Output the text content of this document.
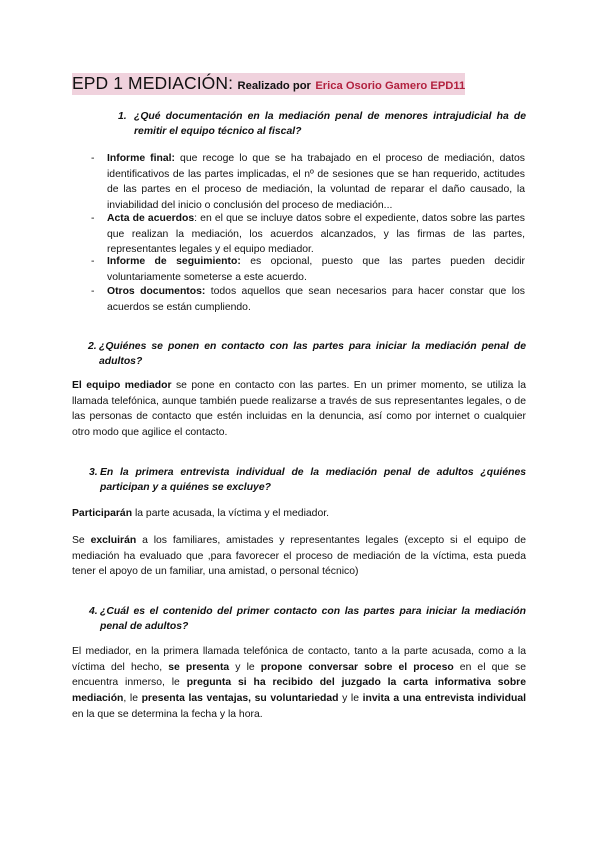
EPD 1 MEDIACIÓN: Realizado por Erica Osorio Gamero EPD11
1. ¿Qué documentación en la mediación penal de menores intrajudicial ha de remitir el equipo técnico al fiscal?
- Informe final: que recoge lo que se ha trabajado en el proceso de mediación, datos identificativos de las partes implicadas, el nº de sesiones que se han requerido, actitudes de las partes en el proceso de mediación, la voluntad de reparar el daño causado, la inviabilidad del inicio o conclusión del proceso de mediación...
- Acta de acuerdos: en el que se incluye datos sobre el expediente, datos sobre las partes que realizan la mediación, los acuerdos alcanzados, y las firmas de las partes, representantes legales y el equipo mediador.
- Informe de seguimiento: es opcional, puesto que las partes pueden decidir voluntariamente someterse a este acuerdo.
- Otros documentos: todos aquellos que sean necesarios para hacer constar que los acuerdos se están cumpliendo.
2. ¿Quiénes se ponen en contacto con las partes para iniciar la mediación penal de adultos?
El equipo mediador se pone en contacto con las partes. En un primer momento, se utiliza la llamada telefónica, aunque también puede realizarse a través de sus representantes legales, o de las personas de contacto que estén incluidas en la denuncia, así como por internet o cualquier otro modo que agilice el contacto.
3. En la primera entrevista individual de la mediación penal de adultos ¿quiénes participan y a quiénes se excluye?
Participarán la parte acusada, la víctima y el mediador.
Se excluirán a los familiares, amistades y representantes legales (excepto si el equipo de mediación ha evaluado que ,para favorecer el proceso de mediación de la víctima, esta pueda tener el apoyo de un familiar, una amistad, o personal técnico)
4. ¿Cuál es el contenido del primer contacto con las partes para iniciar la mediación penal de adultos?
El mediador, en la primera llamada telefónica de contacto, tanto a la parte acusada, como a la víctima del hecho, se presenta y le propone conversar sobre el proceso en el que se encuentra inmerso, le pregunta si ha recibido del juzgado la carta informativa sobre mediación, le presenta las ventajas, su voluntariedad y le invita a una entrevista individual en la que se determina la fecha y la hora.
